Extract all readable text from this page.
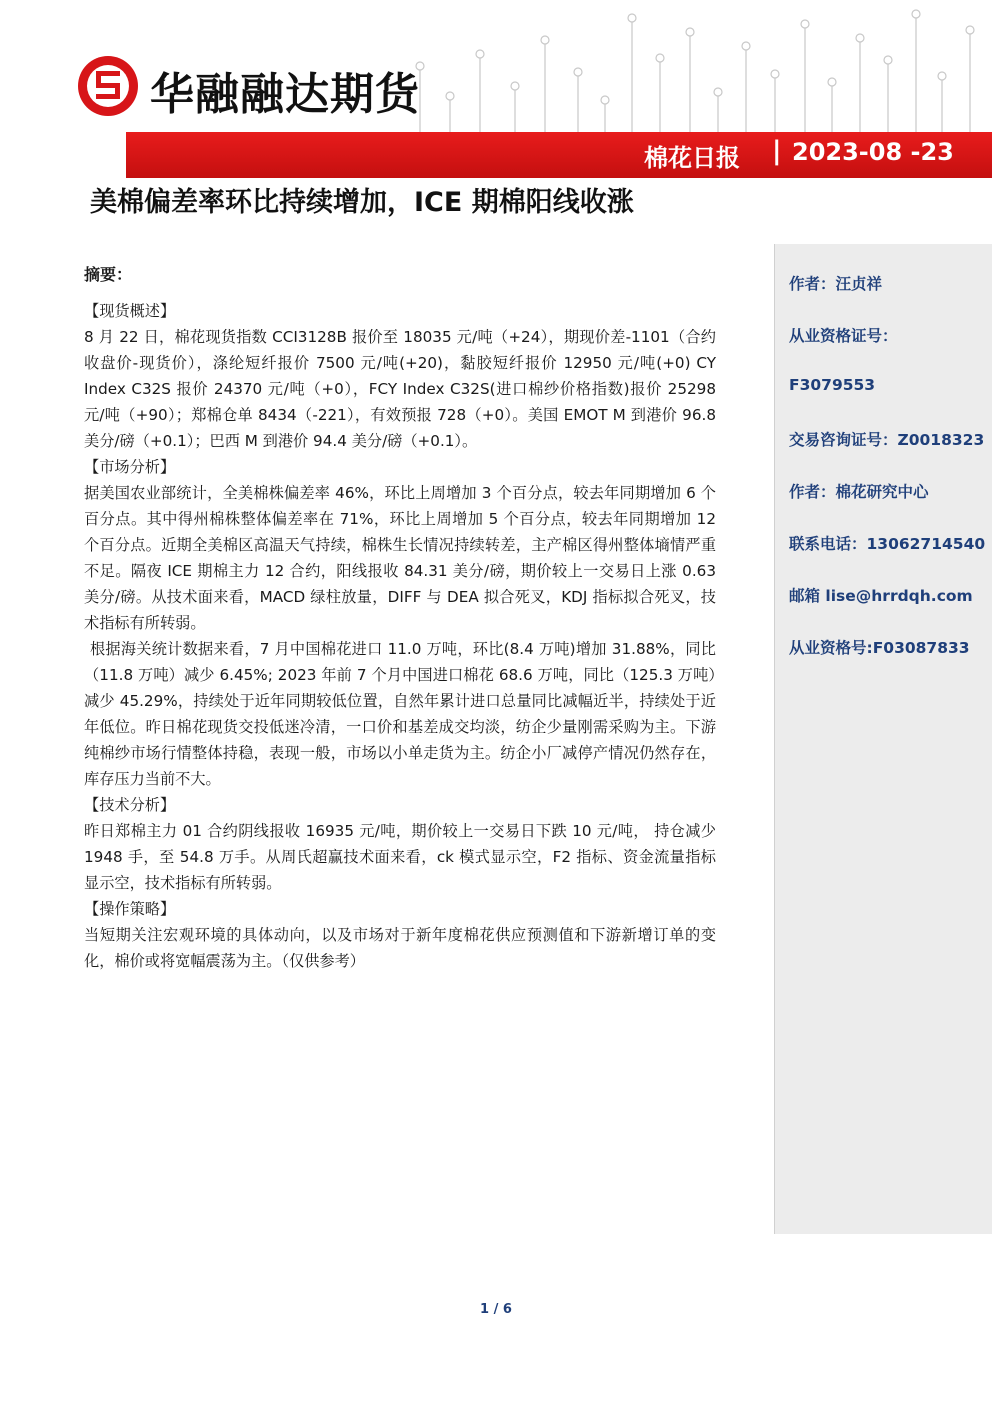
华融融达期货
棉花日报 | 2023-08 -23
美棉偏差率环比持续增加，ICE 期棉阳线收涨
摘要：
【现货概述】
8 月 22 日，棉花现货指数 CCI3128B 报价至 18035 元/吨（+24），期现价差-1101（合约收盘价-现货价），涤纶短纤报价 7500 元/吨(+20)，黏胶短纤报价 12950 元/吨(+0) CY Index C32S 报价 24370 元/吨（+0），FCY Index C32S(进口棉纱价格指数)报价 25298 元/吨（+90）；郑棉仓单 8434（-221），有效预报 728（+0）。美国 EMOT M 到港价 96.8 美分/磅（+0.1）；巴西 M 到港价 94.4 美分/磅（+0.1）。
【市场分析】
据美国农业部统计，全美棉株偏差率 46%，环比上周增加 3 个百分点，较去年同期增加 6 个百分点。其中得州棉株整体偏差率在 71%，环比上周增加 5 个百分点，较去年同期增加 12 个百分点。近期全美棉区高温天气持续，棉株生长情况持续转差，主产棉区得州整体墒情严重不足。隔夜 ICE 期棉主力 12 合约，阳线报收 84.31 美分/磅，期价较上一交易日上涨 0.63 美分/磅。从技术面来看，MACD 绿柱放量，DIFF 与 DEA 拟合死叉，KDJ 指标拟合死叉，技术指标有所转弱。
根据海关统计数据来看，7 月中国棉花进口 11.0 万吨，环比(8.4 万吨)增加 31.88%，同比（11.8 万吨）减少 6.45%; 2023 年前 7 个月中国进口棉花 68.6 万吨，同比（125.3 万吨）减少 45.29%，持续处于近年同期较低位置，自然年累计进口总量同比减幅近半，持续处于近年低位。昨日棉花现货交投低迷冷清，一口价和基差成交均淡，纺企少量刚需采购为主。下游纯棉纱市场行情整体持稳，表现一般，市场以小单走货为主。纺企小厂减停产情况仍然存在，库存压力当前不大。
【技术分析】
昨日郑棉主力 01 合约阴线报收 16935 元/吨，期价较上一交易日下跌 10 元/吨， 持仓减少 1948 手，至 54.8 万手。从周氏超赢技术面来看，ck 模式显示空，F2 指标、资金流量指标显示空，技术指标有所转弱。
【操作策略】
当短期关注宏观环境的具体动向，以及市场对于新年度棉花供应预测值和下游新增订单的变化，棉价或将宽幅震荡为主。（仅供参考）
作者：汪贞祥
从业资格证号：
F3079553
交易咨询证号：Z0018323
作者：棉花研究中心
联系电话：13062714540
邮箱 lise@hrrdqh.com
从业资格号:F03087833
1 / 6
